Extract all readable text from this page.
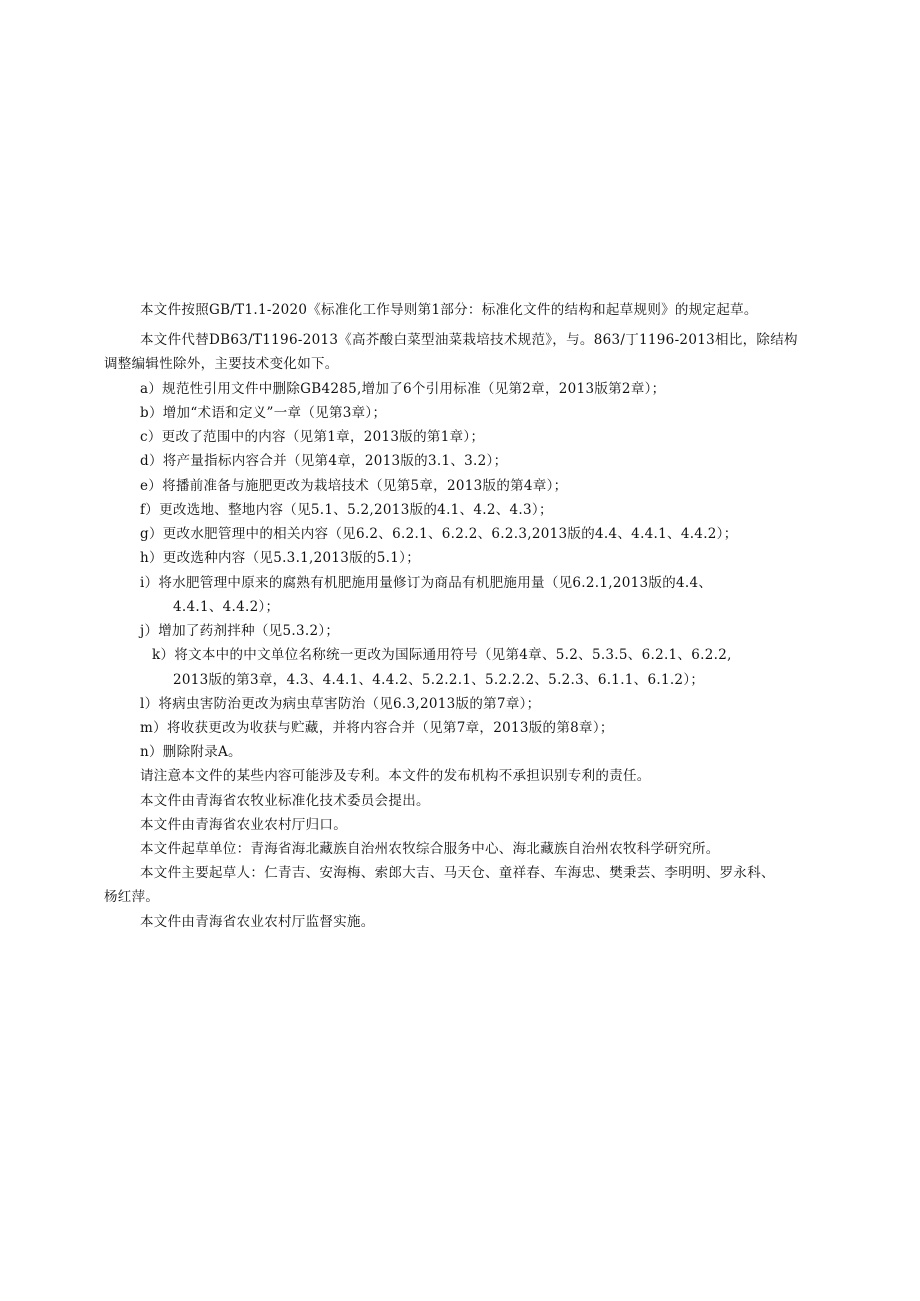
本文件按照GB/T1.1-2020《标准化工作导则第1部分：标准化文件的结构和起草规则》的规定起草。
本文件代替DB63/T1196-2013《高芥酸白菜型油菜栽培技术规范》，与。863/丁1196-2013相比，除结构
调整编辑性除外，主要技术变化如下。
a）规范性引用文件中删除GB4285,增加了6个引用标准（见第2章，2013版第2章）；
b）增加“术语和定义”一章（见第3章）；
c）更改了范围中的内容（见第1章，2013版的第1章）；
d）将产量指标内容合并（见第4章，2013版的3.1、3.2）；
e）将播前准备与施肥更改为栽培技术（见第5章，2013版的第4章）；
f）更改选地、整地内容（见5.1、5.2,2013版的4.1、4.2、4.3）；
g）更改水肥管理中的相关内容（见6.2、6.2.1、6.2.2、6.2.3,2013版的4.4、4.4.1、4.4.2）；
h）更改选种内容（见5.3.1,2013版的5.1）；
i）将水肥管理中原来的腐熟有机肥施用量修订为商品有机肥施用量（见6.2.1,2013版的4.4、
4.4.1、4.4.2）；
j）增加了药剂拌种（见5.3.2）；
k）将文本中的中文单位名称统一更改为国际通用符号（见第4章、5.2、5.3.5、6.2.1、6.2.2,
2013版的第3章，4.3、4.4.1、4.4.2、5.2.2.1、5.2.2.2、5.2.3、6.1.1、6.1.2）；
l）将病虫害防治更改为病虫草害防治（见6.3,2013版的第7章）；
m）将收获更改为收获与贮藏，并将内容合并（见第7章，2013版的第8章）；
n）删除附录A。
请注意本文件的某些内容可能涉及专利。本文件的发布机构不承担识别专利的责任。
本文件由青海省农牧业标准化技术委员会提出。
本文件由青海省农业农村厅归口。
本文件起草单位：青海省海北藏族自治州农牧综合服务中心、海北藏族自治州农牧科学研究所。
本文件主要起草人：仁青吉、安海梅、索郎大吉、马天仓、童祥春、车海忠、樊秉芸、李明明、罗永科、
杨红萍。
本文件由青海省农业农村厅监督实施。
